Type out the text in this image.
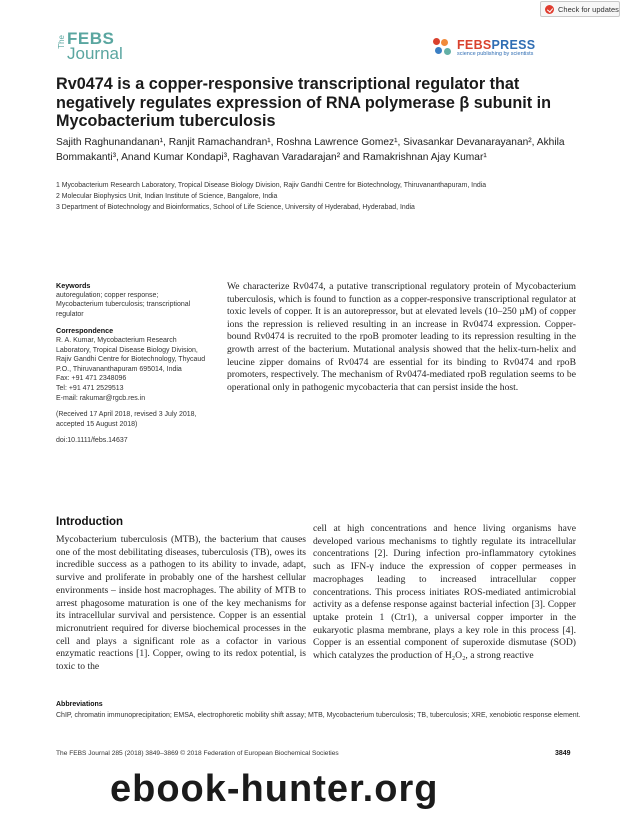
Check for updates
The FEBS
Journal	FEBSPRESS
science publishing by scientists
Rv0474 is a copper-responsive transcriptional regulator that negatively regulates expression of RNA polymerase β subunit in Mycobacterium tuberculosis
Sajith Raghunandanan¹, Ranjit Ramachandran¹, Roshna Lawrence Gomez¹, Sivasankar Devanarayanan², Akhila Bommakanti³, Anand Kumar Kondapi³, Raghavan Varadarajan² and Ramakrishnan Ajay Kumar¹
1 Mycobacterium Research Laboratory, Tropical Disease Biology Division, Rajiv Gandhi Centre for Biotechnology, Thiruvananthapuram, India
2 Molecular Biophysics Unit, Indian Institute of Science, Bangalore, India
3 Department of Biotechnology and Bioinformatics, School of Life Science, University of Hyderabad, Hyderabad, India
Keywords
autoregulation; copper response; Mycobacterium tuberculosis; transcriptional regulator
Correspondence
R. A. Kumar, Mycobacterium Research Laboratory, Tropical Disease Biology Division, Rajiv Gandhi Centre for Biotechnology, Thycaud P.O., Thiruvananthapuram 695014, India
Fax: +91 471 2348096
Tel: +91 471 2529513
E-mail: rakumar@rgcb.res.in
(Received 17 April 2018, revised 3 July 2018, accepted 15 August 2018)
doi:10.1111/febs.14637

We characterize Rv0474, a putative transcriptional regulatory protein of Mycobacterium tuberculosis, which is found to function as a copper-responsive transcriptional regulator at toxic levels of copper. It is an autorepressor, but at elevated levels (10–250 µM) of copper ions the repression is relieved resulting in an increase in Rv0474 expression. Copper-bound Rv0474 is recruited to the rpoB promoter leading to its repression resulting in the growth arrest of the bacterium. Mutational analysis showed that the helix-turn-helix and leucine zipper domains of Rv0474 are essential for its binding to Rv0474 and rpoB promoters, respectively. The mechanism of Rv0474-mediated rpoB regulation seems to be operational only in pathogenic mycobacteria that can persist inside the host.

Introduction

Mycobacterium tuberculosis (MTB), the bacterium that causes one of the most debilitating diseases, tuberculosis (TB), owes its incredible success as a pathogen to its ability to invade, adapt, survive and proliferate in probably one of the harshest cellular environments – inside host macrophages. The ability of MTB to arrest phagosome maturation is one of the key mechanisms for its intracellular survival and persistence. Copper is an essential micronutrient required for diverse biochemical processes in the cell and plays a significant role as a cofactor in various enzymatic reactions [1]. Copper, owing to its redox potential, is toxic to the

cell at high concentrations and hence living organisms have developed various mechanisms to tightly regulate its intracellular concentrations [2]. During infection pro-inflammatory cytokines such as IFN-γ induce the expression of copper permeases in macrophages leading to increased intracellular copper concentrations. This process initiates ROS-mediated antimicrobial activity as a defense response against bacterial infection [3]. Copper uptake protein 1 (Ctr1), a universal copper importer in the eukaryotic plasma membrane, plays a key role in this process [4]. Copper is an essential component of superoxide dismutase (SOD) which catalyzes the production of H₂O₂, a strong reactive

Abbreviations
ChIP, chromatin immunoprecipitation; EMSA, electrophoretic mobility shift assay; MTB, Mycobacterium tuberculosis; TB, tuberculosis; XRE, xenobiotic response element.
The FEBS Journal 285 (2018) 3849–3869 © 2018 Federation of European Biochemical Societies	3849
ebook-hunter.org
